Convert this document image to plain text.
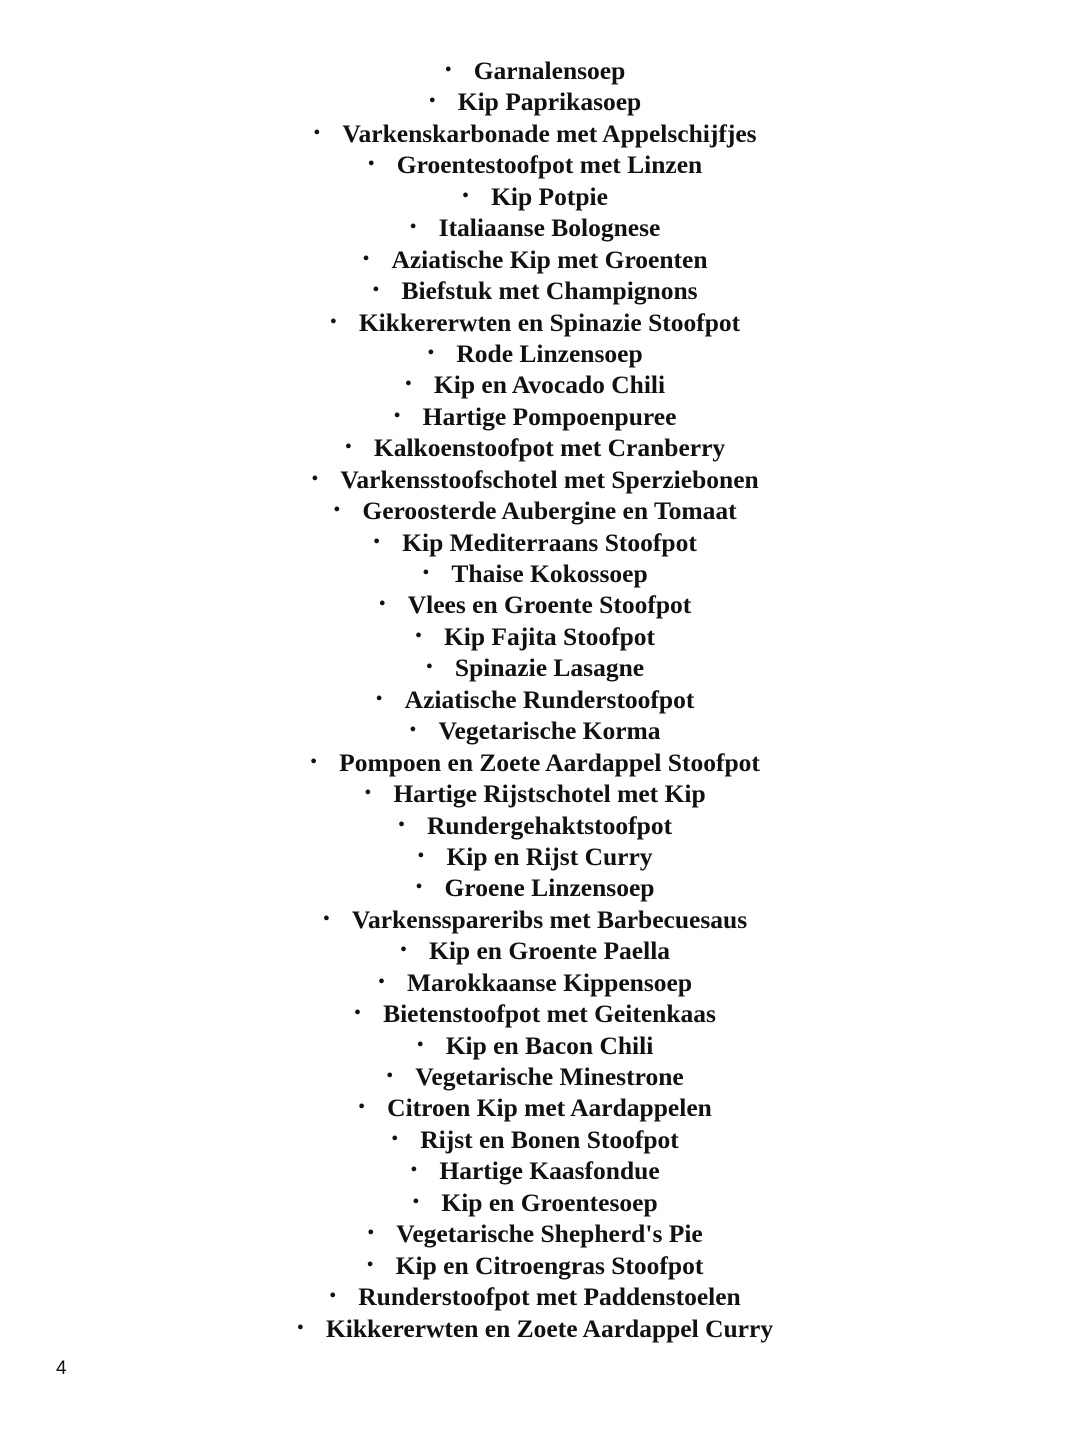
• Garnalensoep
• Kip Paprikasoep
• Varkenskarbonade met Appelschijfjes
• Groentestoofpot met Linzen
• Kip Potpie
• Italiaanse Bolognese
• Aziatische Kip met Groenten
• Biefstuk met Champignons
• Kikkererwten en Spinazie Stoofpot
• Rode Linzensoep
• Kip en Avocado Chili
• Hartige Pompoenpuree
• Kalkoenstoofpot met Cranberry
• Varkensstoofschotel met Sperziebonen
• Geroosterde Aubergine en Tomaat
• Kip Mediterraans Stoofpot
• Thaise Kokossoep
• Vlees en Groente Stoofpot
• Kip Fajita Stoofpot
• Spinazie Lasagne
• Aziatische Runderstoofpot
• Vegetarische Korma
• Pompoen en Zoete Aardappel Stoofpot
• Hartige Rijstschotel met Kip
• Rundergehaktstoofpot
• Kip en Rijst Curry
• Groene Linzensoep
• Varkensspareribs met Barbecuesaus
• Kip en Groente Paella
• Marokkaanse Kippensoep
• Bietenstoofpot met Geitenkaas
• Kip en Bacon Chili
• Vegetarische Minestrone
• Citroen Kip met Aardappelen
• Rijst en Bonen Stoofpot
• Hartige Kaasfondue
• Kip en Groentesoep
• Vegetarische Shepherd's Pie
• Kip en Citroengras Stoofpot
• Runderstoofpot met Paddenstoelen
• Kikkererwten en Zoete Aardappel Curry
4
